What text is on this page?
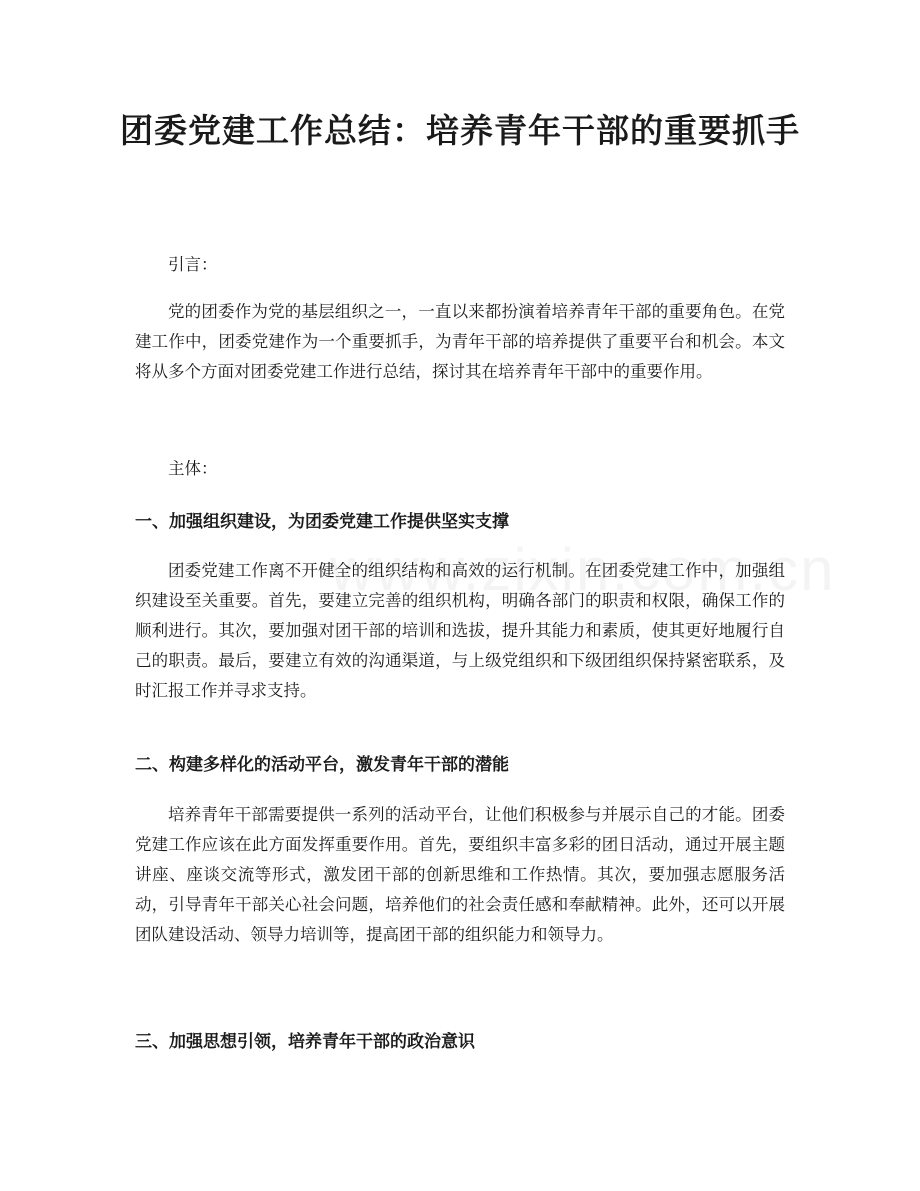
团委党建工作总结：培养青年干部的重要抓手

引言：

党的团委作为党的基层组织之一，一直以来都扮演着培养青年干部的重要角色。在党建工作中，团委党建作为一个重要抓手，为青年干部的培养提供了重要平台和机会。本文将从多个方面对团委党建工作进行总结，探讨其在培养青年干部中的重要作用。

主体：

一、加强组织建设，为团委党建工作提供坚实支撑

团委党建工作离不开健全的组织结构和高效的运行机制。在团委党建工作中，加强组织建设至关重要。首先，要建立完善的组织机构，明确各部门的职责和权限，确保工作的顺利进行。其次，要加强对团干部的培训和选拔，提升其能力和素质，使其更好地履行自己的职责。最后，要建立有效的沟通渠道，与上级党组织和下级团组织保持紧密联系，及时汇报工作并寻求支持。

二、构建多样化的活动平台，激发青年干部的潜能

培养青年干部需要提供一系列的活动平台，让他们积极参与并展示自己的才能。团委党建工作应该在此方面发挥重要作用。首先，要组织丰富多彩的团日活动，通过开展主题讲座、座谈交流等形式，激发团干部的创新思维和工作热情。其次，要加强志愿服务活动，引导青年干部关心社会问题，培养他们的社会责任感和奉献精神。此外，还可以开展团队建设活动、领导力培训等，提高团干部的组织能力和领导力。

三、加强思想引领，培养青年干部的政治意识
